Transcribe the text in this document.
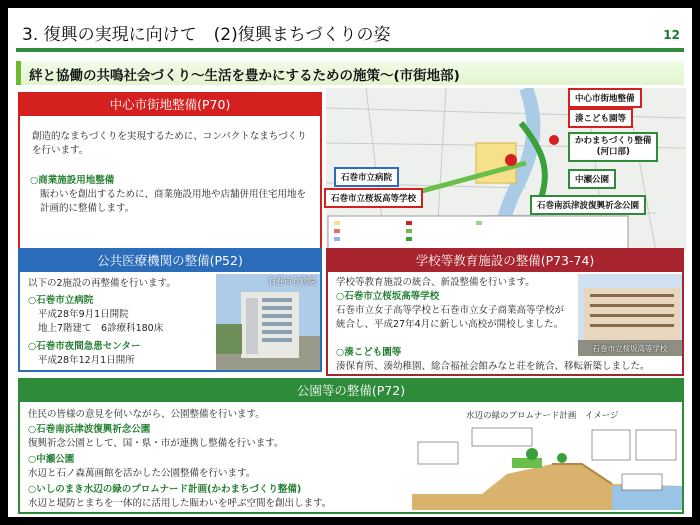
3. 復興の実現に向けて　(2)復興まちづくりの姿	12
絆と協働の共鳴社会づくり～生活を豊かにするための施策～(市街地部)
中心市街地整備(P70)
創造的なまちづくりを実現するために、コンパクトなまちづくりを行います。
○商業施設用地整備
賑わいを創出するために、商業施設用地や店舗併用住宅用地を計画的に整備します。
中心市街地整備
湊こども園等
かわまちづくり整備
(河口部)
石巻市立病院
石巻市立桜坂高等学校
中瀬公園
石巻南浜津波復興祈念公園
公共医療機関の整備(P52)
以下の2施設の再整備を行います。
○石巻市立病院
平成28年9月1日開院
地上7階建て　6診療科180床
○石巻市夜間急患センター
平成28年12月1日開所
石巻市立病院
学校等教育施設の整備(P73-74)
学校等教育施設の統合、新設整備を行います。
○石巻市立桜坂高等学校
石巻市立女子高等学校と石巻市立女子商業高等学校が統合し、平成27年4月に新しい高校が開校しました。
○湊こども園等
湊保育所、湊幼稚園、総合福祉会館みなと荘を統合、移転新築しました。
石巻市立桜坂高等学校
公園等の整備(P72)
住民の皆様の意見を伺いながら、公園整備を行います。
○石巻南浜津波復興祈念公園
復興祈念公園として、国・県・市が連携し整備を行います。
○中瀬公園
水辺と石ノ森萬画館を活かした公園整備を行います。
○いしのまき水辺の緑のプロムナード計画(かわまちづくり整備)
水辺と堤防とまちを一体的に活用した賑わいを呼ぶ空間を創出します。
水辺の緑のプロムナード計画　イメージ
